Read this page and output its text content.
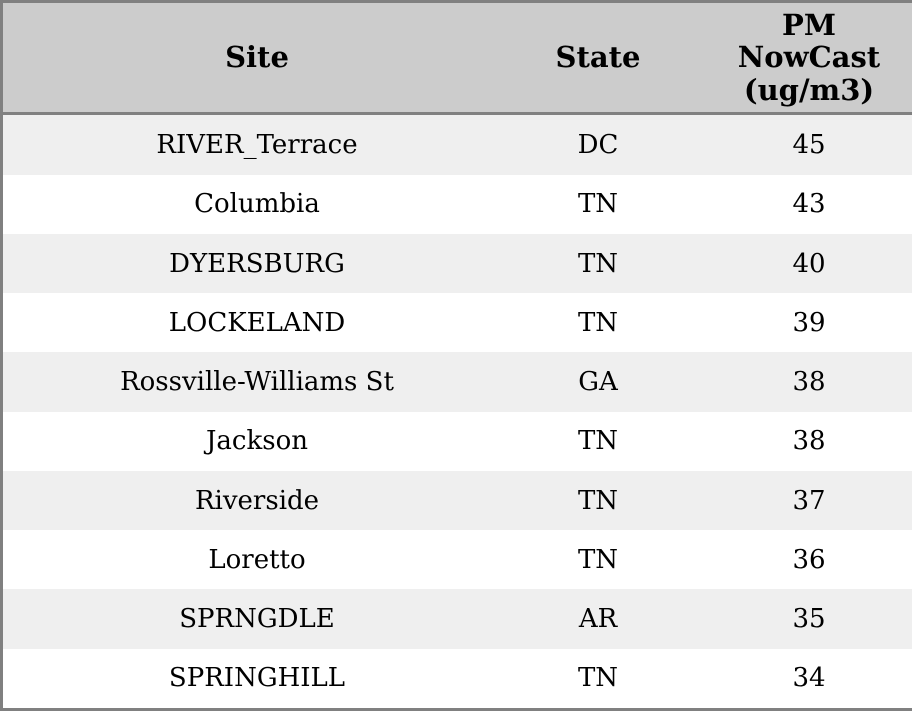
Site	State	PM
NowCast
(ug/m3)
RIVER_Terrace	DC	45
Columbia	TN	43
DYERSBURG	TN	40
LOCKELAND	TN	39
Rossville-Williams St	GA	38
Jackson	TN	38
Riverside	TN	37
Loretto	TN	36
SPRNGDLE	AR	35
SPRINGHILL	TN	34
